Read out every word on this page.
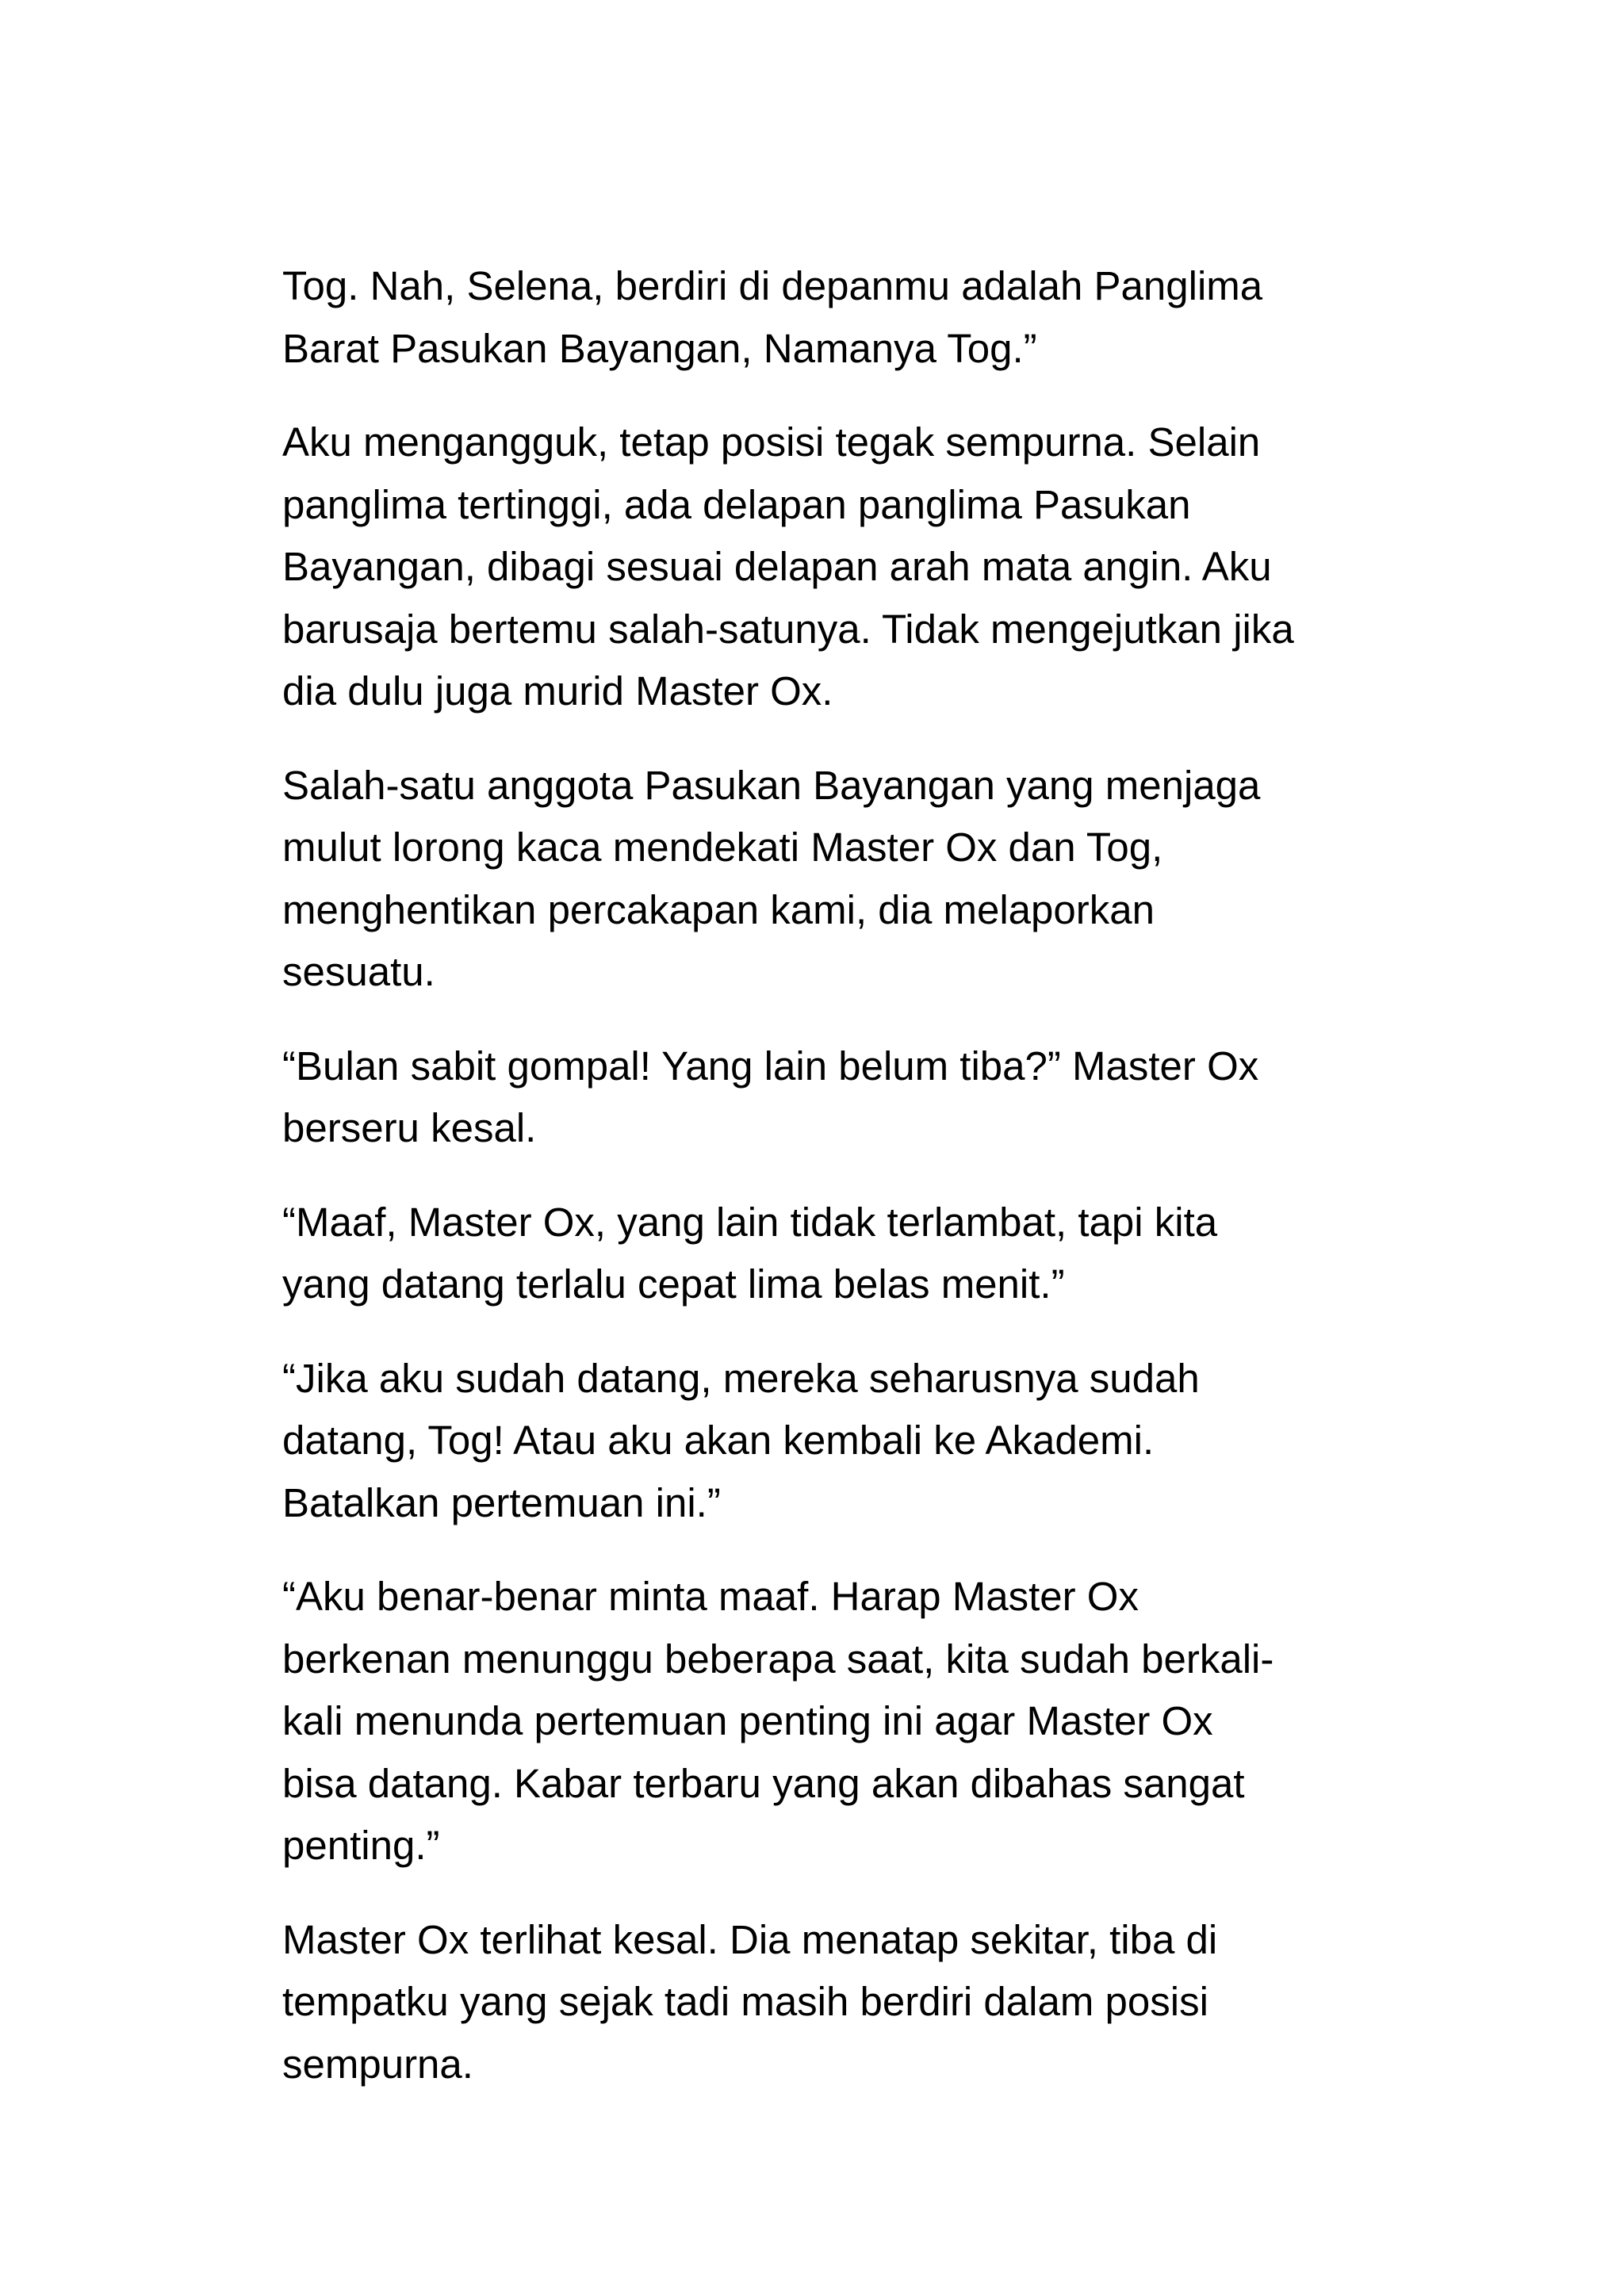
Tog. Nah, Selena, berdiri di depanmu adalah Panglima
Barat Pasukan Bayangan, Namanya Tog.”

Aku mengangguk, tetap posisi tegak sempurna. Selain
panglima tertinggi, ada delapan panglima Pasukan
Bayangan, dibagi sesuai delapan arah mata angin. Aku
barusaja bertemu salah-satunya. Tidak mengejutkan jika
dia dulu juga murid Master Ox.

Salah-satu anggota Pasukan Bayangan yang menjaga
mulut lorong kaca mendekati Master Ox dan Tog,
menghentikan percakapan kami, dia melaporkan
sesuatu.

“Bulan sabit gompal! Yang lain belum tiba?” Master Ox
berseru kesal.

“Maaf, Master Ox, yang lain tidak terlambat, tapi kita
yang datang terlalu cepat lima belas menit.”

“Jika aku sudah datang, mereka seharusnya sudah
datang, Tog! Atau aku akan kembali ke Akademi.
Batalkan pertemuan ini.”

“Aku benar-benar minta maaf. Harap Master Ox
berkenan menunggu beberapa saat, kita sudah berkali-
kali menunda pertemuan penting ini agar Master Ox
bisa datang. Kabar terbaru yang akan dibahas sangat
penting.”

Master Ox terlihat kesal. Dia menatap sekitar, tiba di
tempatku yang sejak tadi masih berdiri dalam posisi
sempurna.
